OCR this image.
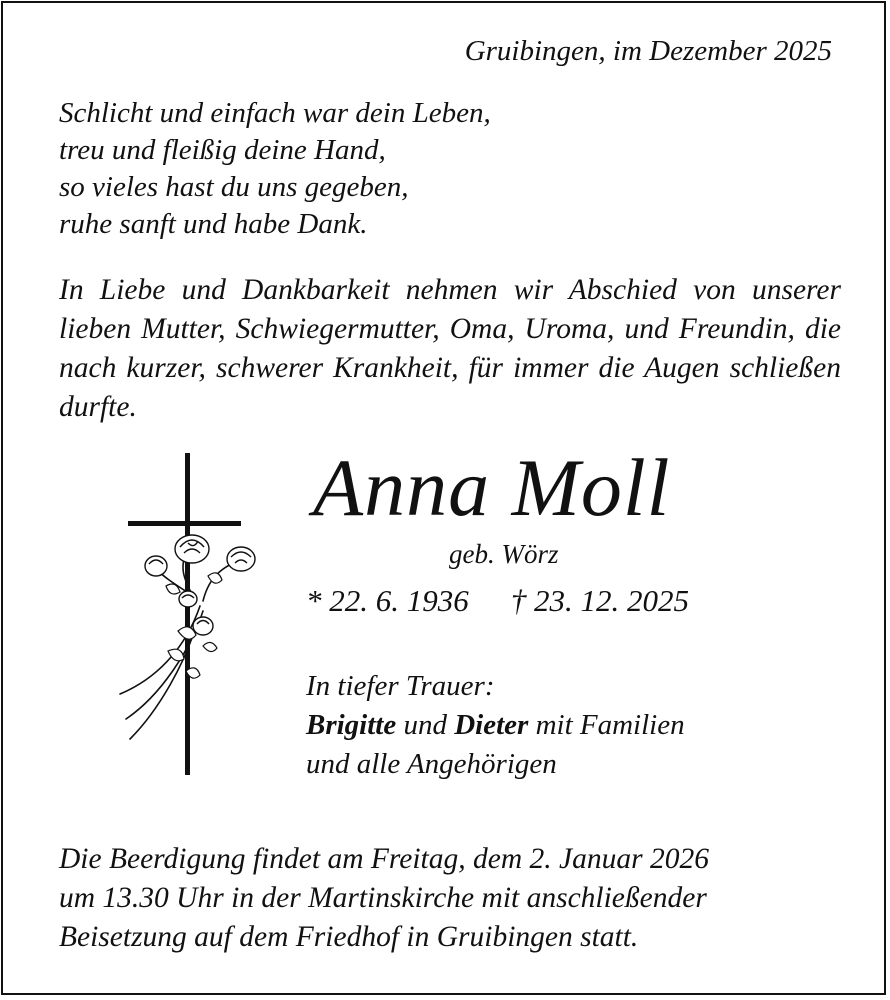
Gruibingen, im Dezember 2025
Schlicht und einfach war dein Leben,
treu und fleißig deine Hand,
so vieles hast du uns gegeben,
ruhe sanft und habe Dank.
In Liebe und Dankbarkeit nehmen wir Abschied von unserer lieben Mutter, Schwiegermutter, Oma, Uroma, und Freundin, die nach kurzer, schwerer Krankheit, für immer die Augen schließen durfte.
Anna Moll
geb. Wörz
* 22. 6. 1936 † 23. 12. 2025
In tiefer Trauer:
Brigitte und Dieter mit Familien
und alle Angehörigen
Die Beerdigung findet am Freitag, dem 2. Januar 2026
um 13.30 Uhr in der Martinskirche mit anschließender
Beisetzung auf dem Friedhof in Gruibingen statt.
